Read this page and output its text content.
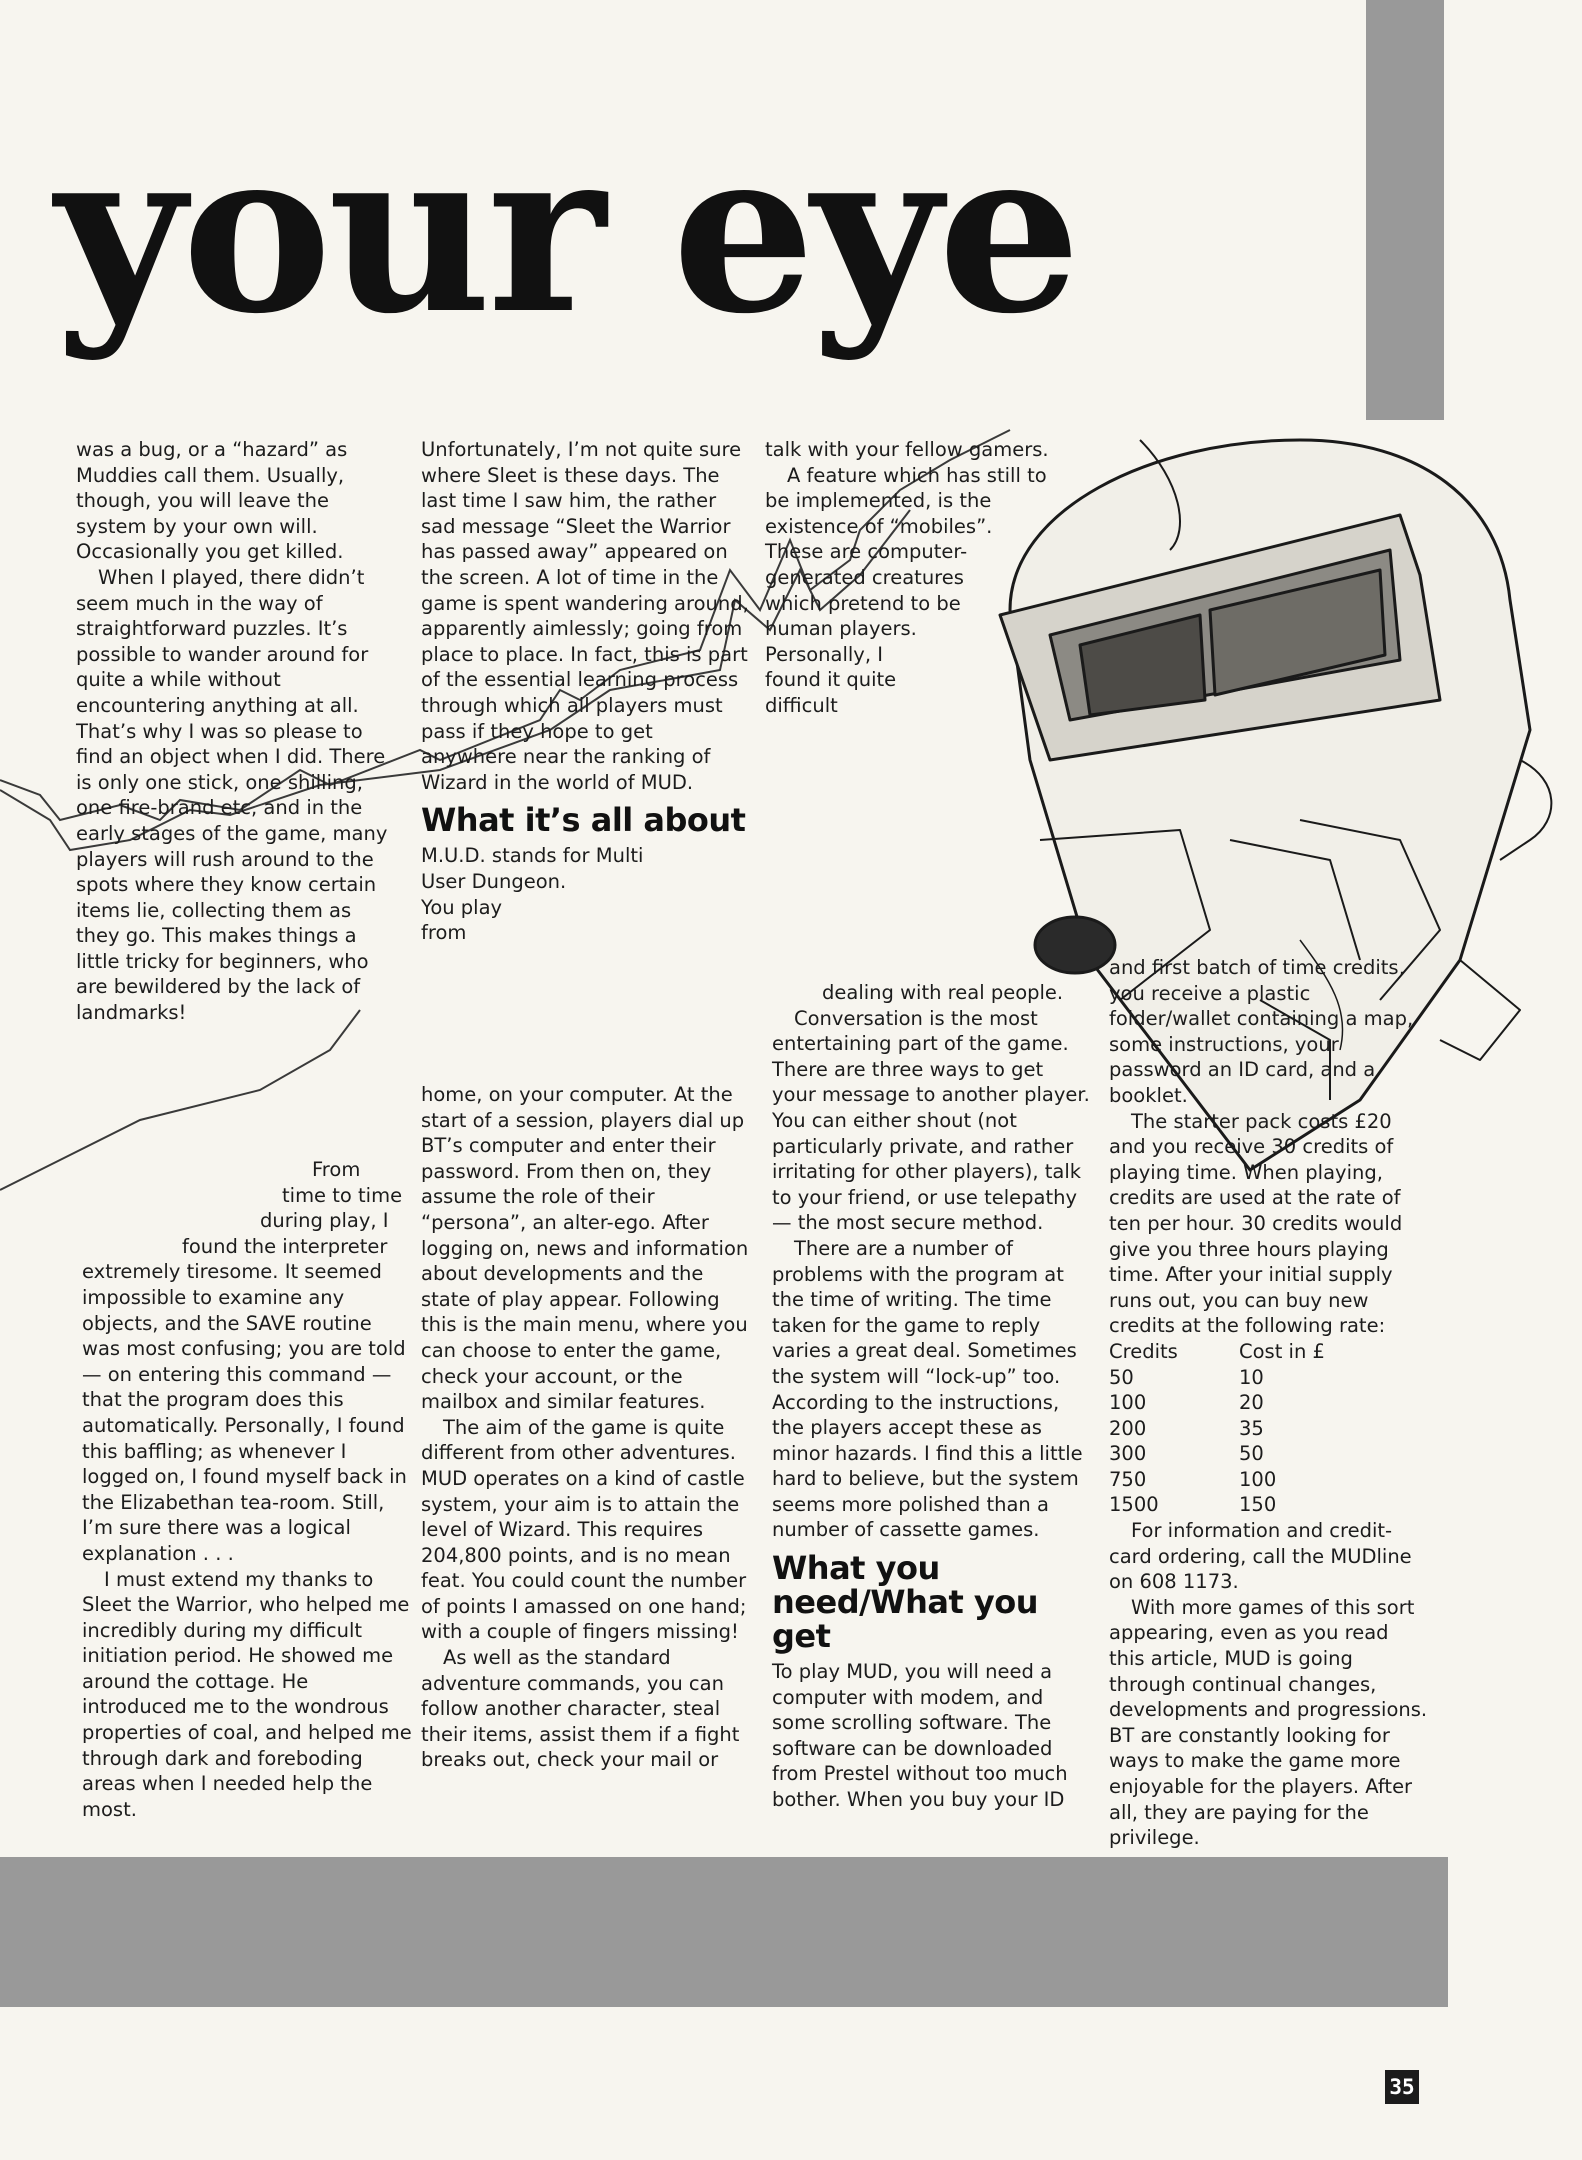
your eye
was a bug, or a “hazard” as
Muddies call them. Usually,
though, you will leave the
system by your own will.
Occasionally you get killed.

When I played, there didn’t seem much in the way of straightforward puzzles. It’s possible to wander around for quite a while without encountering anything at all. That’s why I was so please to find an object when I did. There is only one stick, one shilling, one fire-brand etc, and in the early stages of the game, many players will rush around to the spots where they know certain items lie, collecting them as they go. This makes things a little tricky for beginners, who are bewildered by the lack of landmarks!

From
time to time
during play, I
found the interpreter

extremely tiresome. It seemed impossible to examine any objects, and the SAVE routine was most confusing; you are told — on entering this command — that the program does this automatically. Personally, I found this baffling; as whenever I logged on, I found myself back in the Elizabethan tea-room. Still, I’m sure there was a logical explanation . . .

I must extend my thanks to Sleet the Warrior, who helped me incredibly during my difficult initiation period. He showed me around the cottage. He introduced me to the wondrous properties of coal, and helped me through dark and foreboding areas when I needed help the most.

Unfortunately, I’m not quite sure where Sleet is these days. The last time I saw him, the rather sad message “Sleet the Warrior has passed away” appeared on the screen. A lot of time in the game is spent wandering around, apparently aimlessly; going from place to place. In fact, this is part of the essential learning process through which all players must pass if they hope to get anywhere near the ranking of Wizard in the world of MUD.

What it’s all about
M.U.D. stands for Multi
User Dungeon.
You play
from

home, on your computer. At the start of a session, players dial up BT’s computer and enter their password. From then on, they assume the role of their “persona”, an alter-ego. After logging on, news and information about developments and the state of play appear. Following this is the main menu, where you can choose to enter the game, check your account, or the mailbox and similar features.

The aim of the game is quite different from other adventures. MUD operates on a kind of castle system, your aim is to attain the level of Wizard. This requires 204,800 points, and is no mean feat. You could count the number of points I amassed on one hand; with a couple of fingers missing!

As well as the standard adventure commands, you can follow another character, steal their items, assist them if a fight breaks out, check your mail or

talk with your fellow gamers.
A feature which has still to
be implemented, is the
existence of “mobiles”.
These are computer-
generated creatures
which pretend to be
human players.
Personally, I
found it quite
difficult

dealing with real people.

Conversation is the most entertaining part of the game. There are three ways to get your message to another player. You can either shout (not particularly private, and rather irritating for other players), talk to your friend, or use telepathy — the most secure method.

There are a number of problems with the program at the time of writing. The time taken for the game to reply varies a great deal. Sometimes the system will “lock-up” too. According to the instructions, the players accept these as minor hazards. I find this a little hard to believe, but the system seems more polished than a number of cassette games.

What you need/What you get

To play MUD, you will need a computer with modem, and some scrolling software. The software can be downloaded from Prestel without too much bother. When you buy your ID

and first batch of time credits, you receive a plastic folder/wallet containing a map, some instructions, your password an ID card, and a booklet.

The starter pack costs £20 and you receive 30 credits of playing time. When playing, credits are used at the rate of ten per hour. 30 credits would give you three hours playing time. After your initial supply runs out, you can buy new credits at the following rate:

Credits	Cost in £
50	10
100	20
200	35
300	50
750	100
1500	150

For information and credit-card ordering, call the MUDline on 608 1173.

With more games of this sort appearing, even as you read this article, MUD is going through continual changes, developments and progressions. BT are constantly looking for ways to make the game more enjoyable for the players. After all, they are paying for the privilege.

35
